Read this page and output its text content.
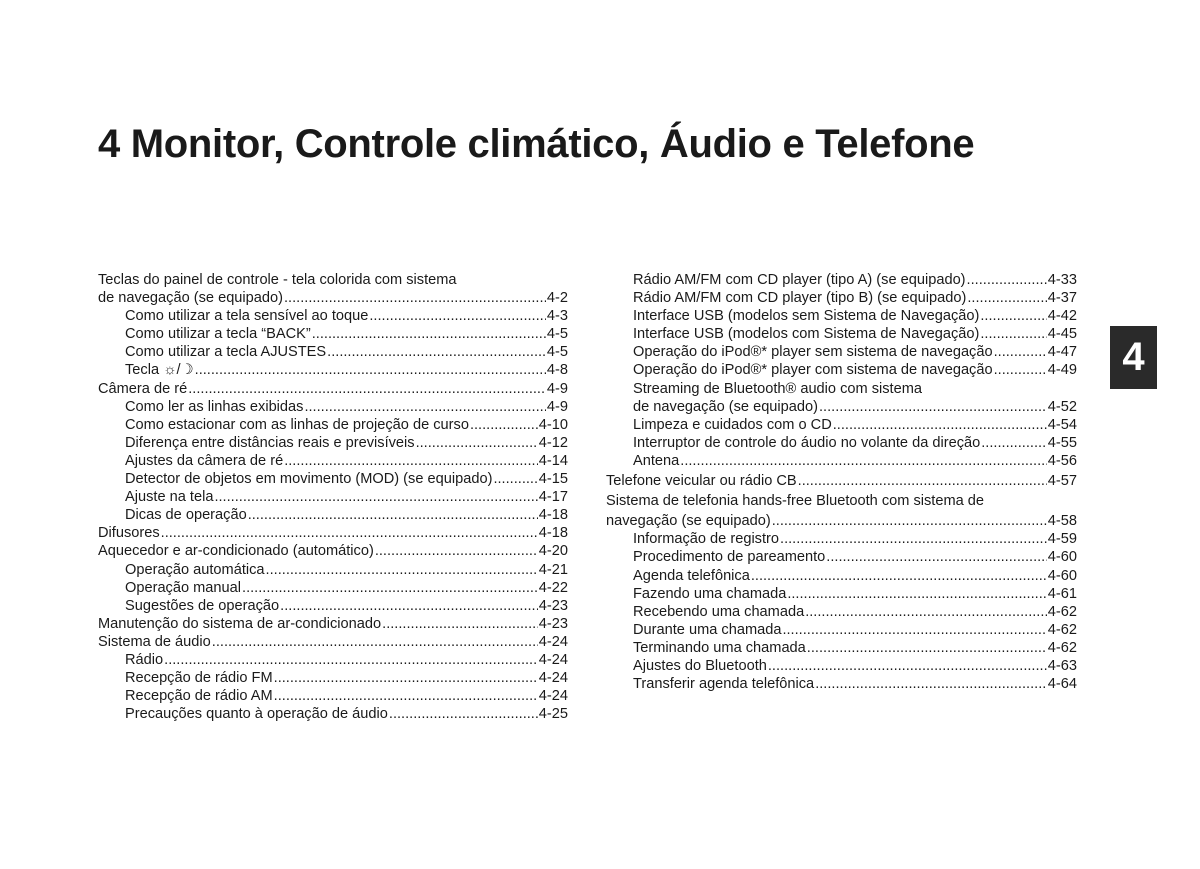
4 Monitor, Controle climático, Áudio e Telefone
Teclas do painel de controle - tela colorida com sistema
de navegação (se equipado) .....	4-2
Como utilizar a tela sensível ao toque .....	4-3
Como utilizar a tecla “BACK” .....	4-5
Como utilizar a tecla AJUSTES .....	4-5
Tecla ☼/☽ .....	4-8
Câmera de ré .....	4-9
Como ler as linhas exibidas .....	4-9
Como estacionar com as linhas de projeção de curso .....	4-10
Diferença entre distâncias reais e previsíveis .....	4-12
Ajustes da câmera de ré .....	4-14
Detector de objetos em movimento (MOD) (se equipado) .....	4-15
Ajuste na tela .....	4-17
Dicas de operação .....	4-18
Difusores .....	4-18
Aquecedor e ar-condicionado (automático) .....	4-20
Operação automática .....	4-21
Operação manual .....	4-22
Sugestões de operação .....	4-23
Manutenção do sistema de ar-condicionado .....	4-23
Sistema de áudio .....	4-24
Rádio .....	4-24
Recepção de rádio FM .....	4-24
Recepção de rádio AM .....	4-24
Precauções quanto à operação de áudio .....	4-25
Rádio AM/FM com CD player (tipo A) (se equipado) .....	4-33
Rádio AM/FM com CD player (tipo B) (se equipado) .....	4-37
Interface USB (modelos sem Sistema de Navegação) .....	4-42
Interface USB (modelos com Sistema de Navegação) .....	4-45
Operação do iPod®* player sem sistema de navegação .....	4-47
Operação do iPod®* player com sistema de navegação .....	4-49
Streaming de Bluetooth® audio com sistema
de navegação (se equipado) .....	4-52
Limpeza e cuidados com o CD .....	4-54
Interruptor de controle do áudio no volante da direção .....	4-55
Antena .....	4-56
Telefone veicular ou rádio CB .....	4-57
Sistema de telefonia hands-free Bluetooth com sistema de
navegação (se equipado) .....	4-58
Informação de registro .....	4-59
Procedimento de pareamento .....	4-60
Agenda telefônica .....	4-60
Fazendo uma chamada .....	4-61
Recebendo uma chamada .....	4-62
Durante uma chamada .....	4-62
Terminando uma chamada .....	4-62
Ajustes do Bluetooth .....	4-63
Transferir agenda telefônica .....	4-64
4
